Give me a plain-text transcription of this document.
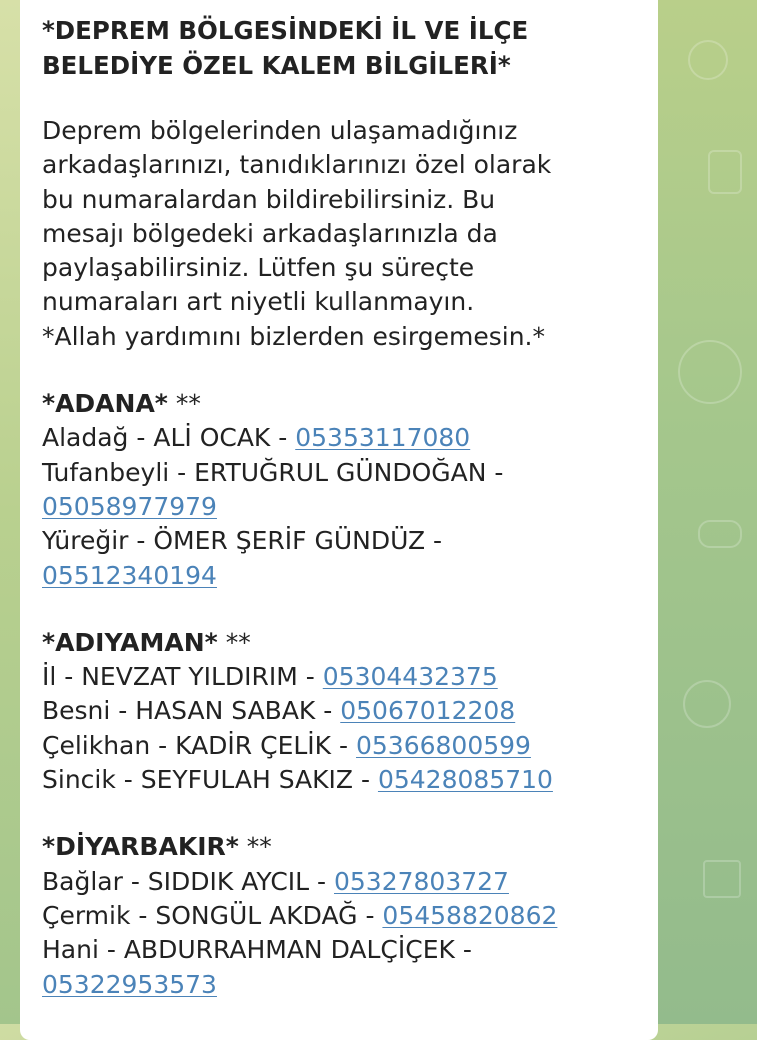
*DEPREM BÖLGESİNDEKİ İL VE İLÇE
BELEDİYE ÖZEL KALEM BİLGİLERİ*
Deprem bölgelerinden ulaşamadığınız
arkadaşlarınızı, tanıdıklarınızı özel olarak
bu numaralardan bildirebilirsiniz. Bu
mesajı bölgedeki arkadaşlarınızla da
paylaşabilirsiniz. Lütfen şu süreçte
numaraları art niyetli kullanmayın.
*Allah yardımını bizlerden esirgemesin.*
*ADANA* **
Aladağ - ALİ OCAK - 05353117080
Tufanbeyli - ERTUĞRUL GÜNDOĞAN -
05058977979
Yüreğir - ÖMER ŞERİF GÜNDÜZ -
05512340194
*ADIYAMAN* **
İl - NEVZAT YILDIRIM - 05304432375
Besni - HASAN SABAK - 05067012208
Çelikhan - KADİR ÇELİK - 05366800599
Sincik - SEYFULAH SAKIZ - 05428085710
*DİYARBAKIR* **
Bağlar - SIDDIK AYCIL - 05327803727
Çermik - SONGÜL AKDAĞ - 05458820862
Hani - ABDURRAHMAN DALÇİÇEK -
05322953573
